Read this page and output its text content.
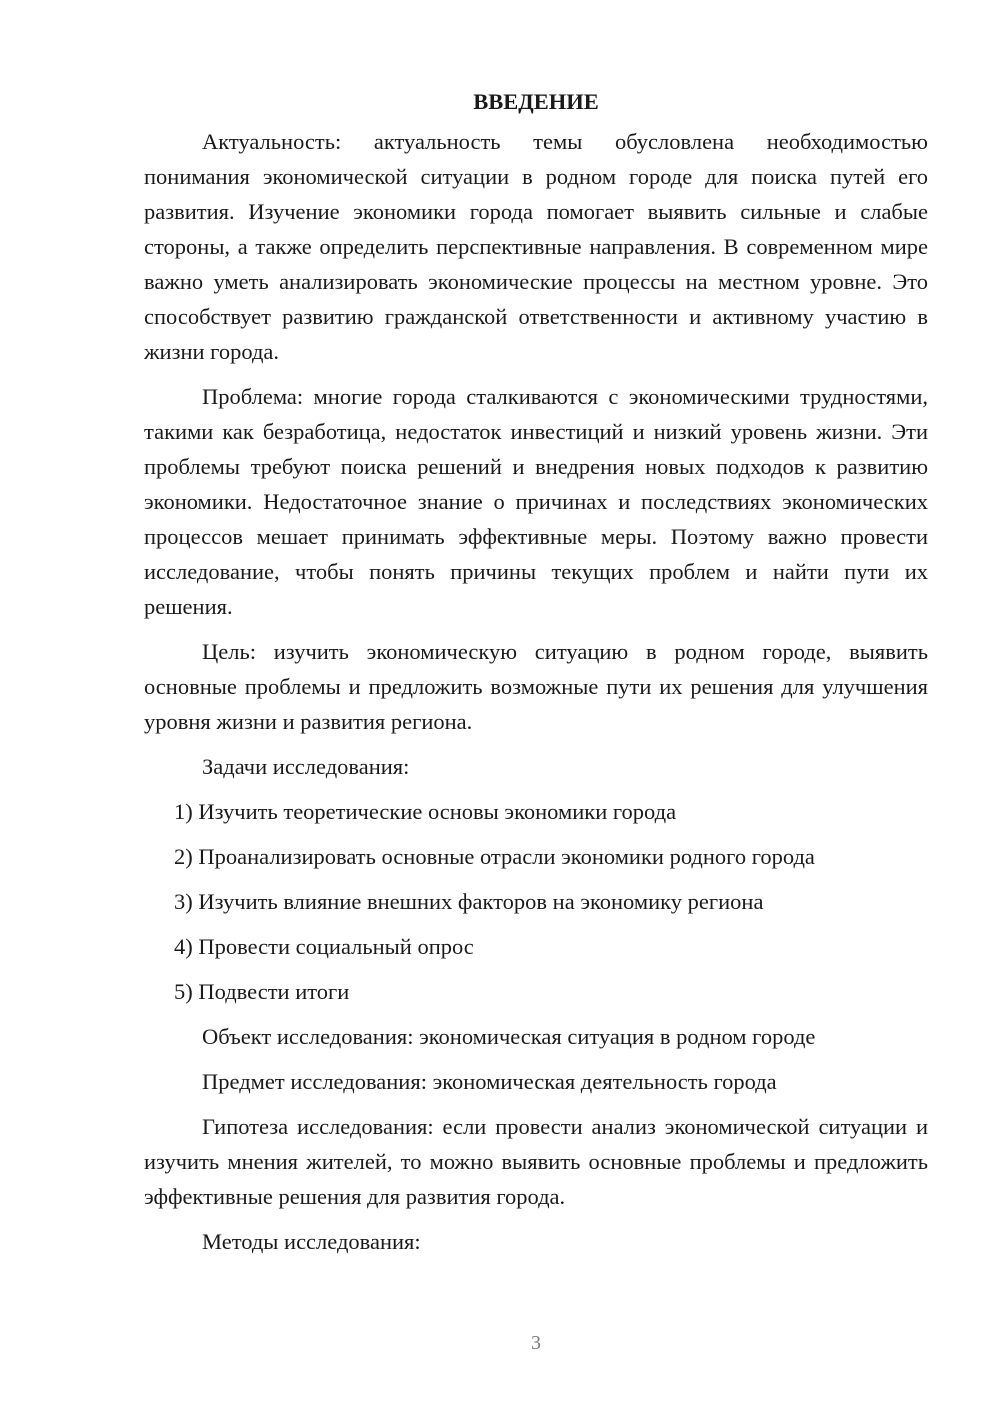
ВВЕДЕНИЕ

Актуальность: актуальность темы обусловлена необходимостью понимания экономической ситуации в родном городе для поиска путей его развития. Изучение экономики города помогает выявить сильные и слабые стороны, а также определить перспективные направления. В современном мире важно уметь анализировать экономические процессы на местном уровне. Это способствует развитию гражданской ответственности и активному участию в жизни города.

Проблема: многие города сталкиваются с экономическими трудностями, такими как безработица, недостаток инвестиций и низкий уровень жизни. Эти проблемы требуют поиска решений и внедрения новых подходов к развитию экономики. Недостаточное знание о причинах и последствиях экономических процессов мешает принимать эффективные меры. Поэтому важно провести исследование, чтобы понять причины текущих проблем и найти пути их решения.

Цель: изучить экономическую ситуацию в родном городе, выявить основные проблемы и предложить возможные пути их решения для улучшения уровня жизни и развития региона.

Задачи исследования:

1) Изучить теоретические основы экономики города
2) Проанализировать основные отрасли экономики родного города
3) Изучить влияние внешних факторов на экономику региона
4) Провести социальный опрос
5) Подвести итоги

Объект исследования: экономическая ситуация в родном городе

Предмет исследования: экономическая деятельность города

Гипотеза исследования: если провести анализ экономической ситуации и изучить мнения жителей, то можно выявить основные проблемы и предложить эффективные решения для развития города.

Методы исследования:

3
